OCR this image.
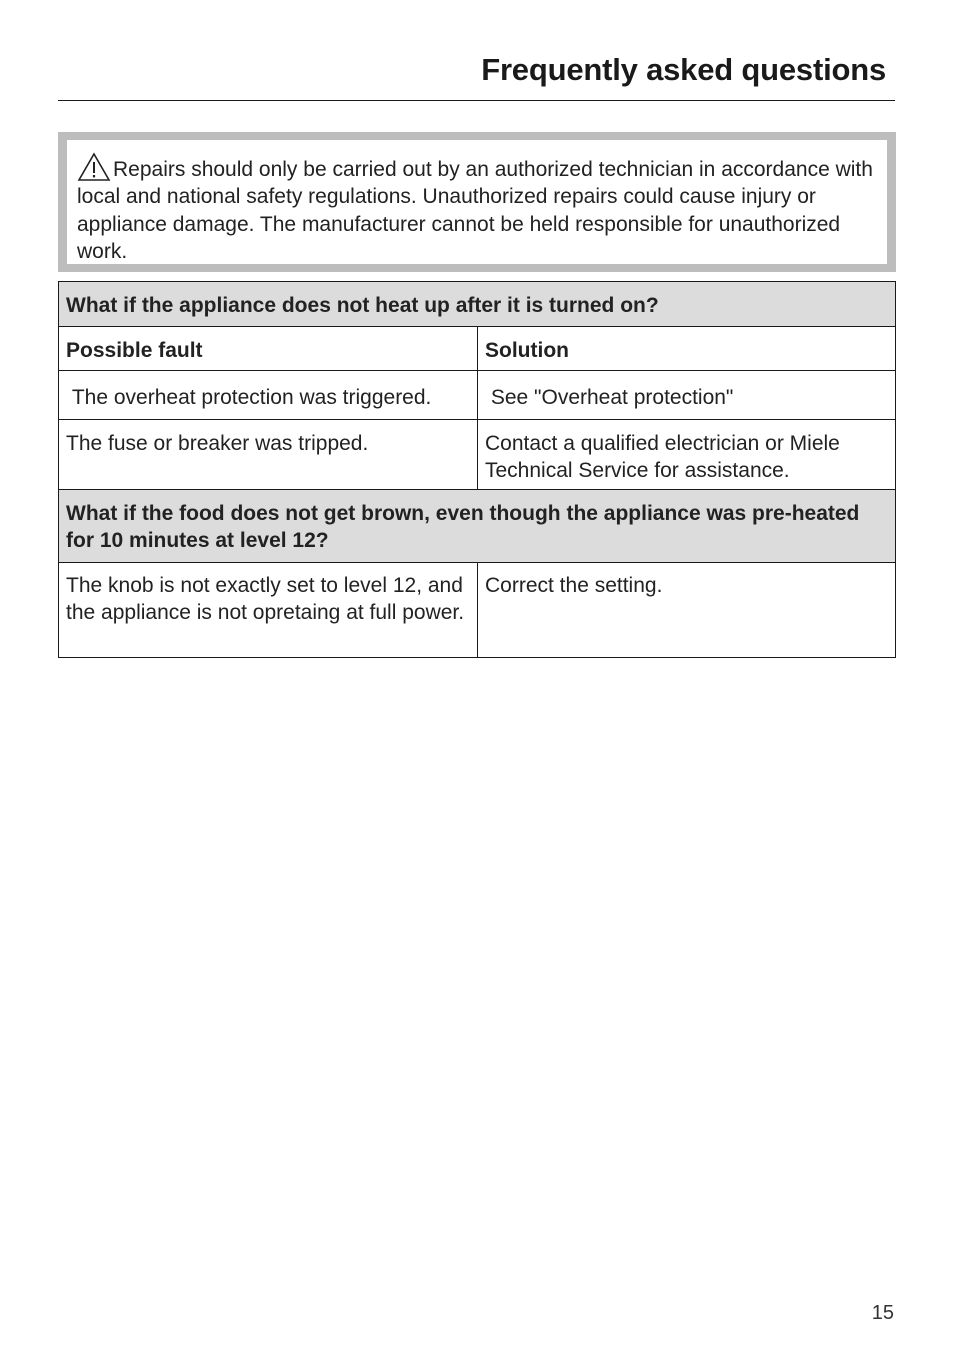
Frequently asked questions
Repairs should only be carried out by an authorized technician in accordance with local and national safety regulations. Unauthorized repairs could cause injury or appliance damage. The manufacturer cannot be held responsible for unauthorized work.
What if the appliance does not heat up after it is turned on?	
Possible fault	Solution
The overheat protection was triggered.	See "Overheat protection"
The fuse or breaker was tripped.	Contact a qualified electrician or Miele Technical Service for assistance.
What if the food does not get brown, even though the appliance was pre-heated for 10 minutes at level 12?	
The knob is not exactly set to level 12, and the appliance is not opretaing at full power.	Correct the setting.
15
